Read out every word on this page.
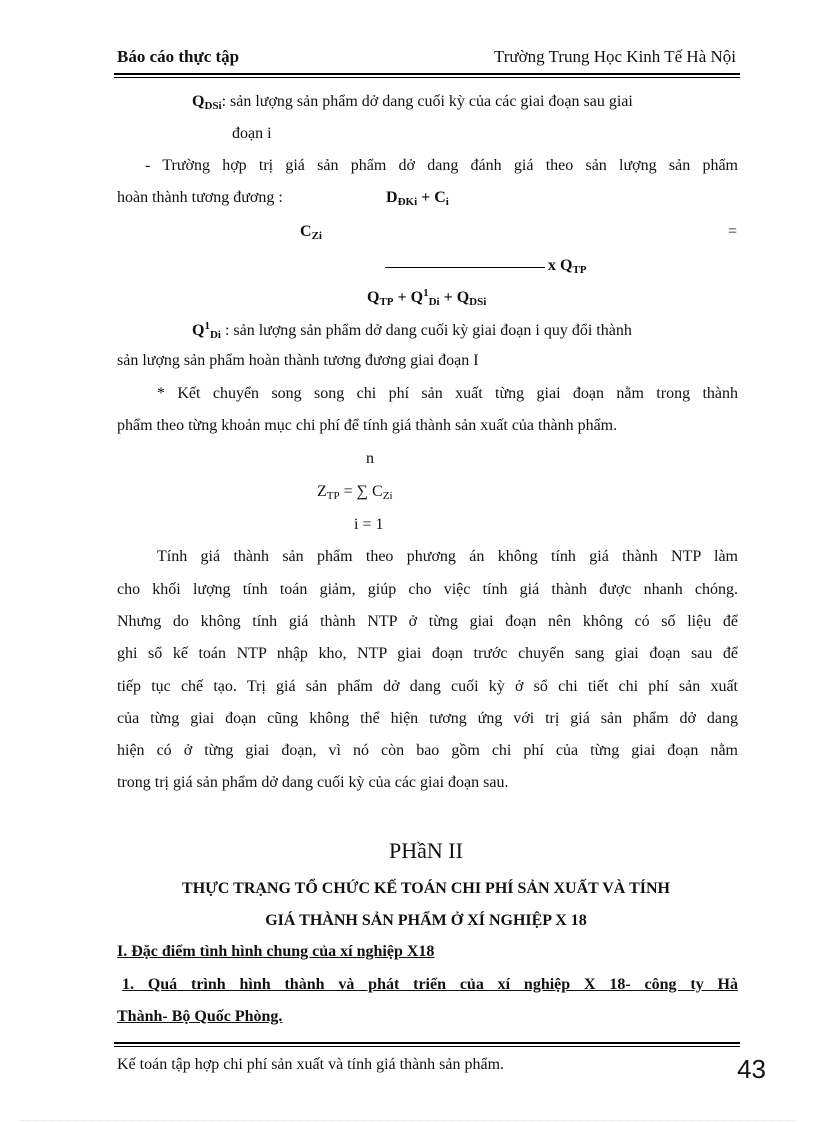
Báo cáo thực tập	Trường Trung Học Kinh Tế Hà Nội
$Q_{DSi}$: sản lượng sản phẩm dở dang cuối kỳ của các giai đoạn sau giai
đoạn i
- Trường hợp trị giá sản phẩm dở dang đánh giá theo sản lượng sản phẩm
hoàn thành tương đương :	$D_{ĐKi} + C_i$
$C_{Zi}$	=
x $Q_{TP}$
$Q_{TP} + Q^1_{Di} + Q_{DSi}$
$Q^1_{Di}$ : sản lượng sản phẩm dở dang cuối kỳ giai đoạn i quy đổi thành
sản lượng sản phẩm hoàn thành tương đương giai đoạn I
* Kết chuyển song song chi phí sản xuất từng giai đoạn nằm trong thành
phẩm theo từng khoản mục chi phí để tính giá thành sản xuất của thành phẩm.
n
$Z_{TP}$ = ∑ $C_{Zi}$
i = 1
Tính giá thành sản phẩm theo phương án không tính giá thành NTP làm
cho khối lượng tính toán giảm, giúp cho việc tính giá thành được nhanh chóng.
Nhưng do không tính giá thành NTP ở từng giai đoạn nên không có số liệu để
ghi sổ kế toán NTP nhập kho, NTP giai đoạn trước chuyển sang giai đoạn sau để
tiếp tục chế tạo. Trị giá sản phẩm dở dang cuối kỳ ở sổ chi tiết chi phí sản xuất
của từng giai đoạn cũng không thể hiện tương ứng với trị giá sản phẩm dở dang
hiện có ở từng giai đoạn, vì nó còn bao gồm chi phí của từng giai đoạn nằm
trong trị giá sản phẩm dở dang cuối kỳ của các giai đoạn sau.
PHầN II
THỰC TRẠNG TỔ CHỨC KẾ TOÁN CHI PHÍ SẢN XUẤT VÀ TÍNH
GIÁ THÀNH SẢN PHẨM Ở XÍ NGHIỆP X 18
I. Đặc điểm tình hình chung của xí nghiệp X18
1. Quá trình hình thành và phát triển của xí nghiệp X 18- công ty Hà
Thành- Bộ Quốc Phòng.
Kế toán tập hợp chi phí sản xuất và tính giá thành sản phẩm.	43
